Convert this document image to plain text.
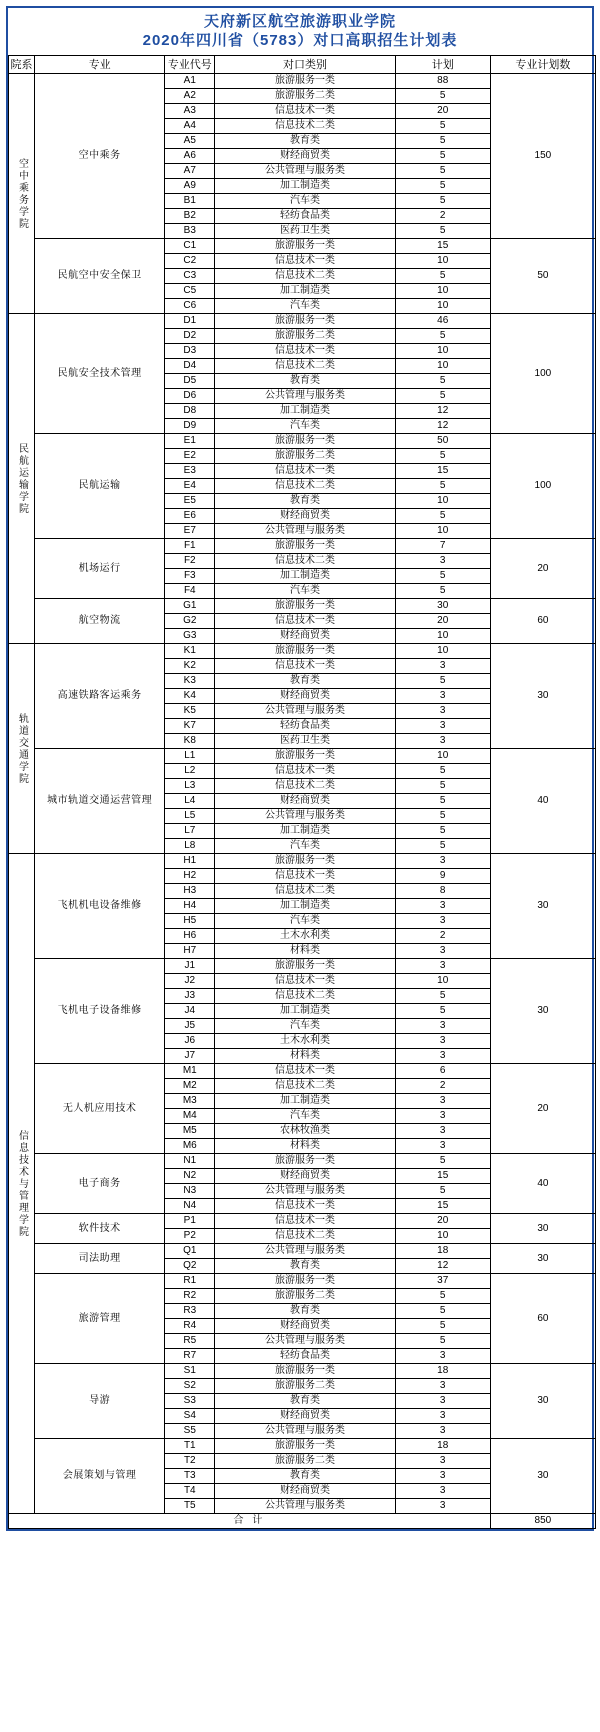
天府新区航空旅游职业学院
2020年四川省（5783）对口高职招生计划表
院系	专业	专业代号	对口类别	计划	专业计划数
空中乘务学院	空中乘务	A1	旅游服务一类	88	150
		A2	旅游服务二类	5	
		A3	信息技术一类	20	
		A4	信息技术二类	5	
		A5	教育类	5	
		A6	财经商贸类	5	
		A7	公共管理与服务类	5	
		A9	加工制造类	5	
		B1	汽车类	5	
		B2	轻纺食品类	2	
		B3	医药卫生类	5	
	民航空中安全保卫	C1	旅游服务一类	15	50
		C2	信息技术一类	10	
		C3	信息技术二类	5	
		C5	加工制造类	10	
		C6	汽车类	10	
民航运输学院	民航安全技术管理	D1	旅游服务一类	46	100
		D2	旅游服务二类	5	
		D3	信息技术一类	10	
		D4	信息技术二类	10	
		D5	教育类	5	
		D6	公共管理与服务类	5	
		D8	加工制造类	12	
		D9	汽车类	12	
	民航运输	E1	旅游服务一类	50	100
		E2	旅游服务二类	5	
		E3	信息技术一类	15	
		E4	信息技术二类	5	
		E5	教育类	10	
		E6	财经商贸类	5	
		E7	公共管理与服务类	10	
	机场运行	F1	旅游服务一类	7	20
		F2	信息技术二类	3	
		F3	加工制造类	5	
		F4	汽车类	5	
	航空物流	G1	旅游服务一类	30	60
		G2	信息技术一类	20	
		G3	财经商贸类	10	
轨道交通学院	高速铁路客运乘务	K1	旅游服务一类	10	30
		K2	信息技术一类	3	
		K3	教育类	5	
		K4	财经商贸类	3	
		K5	公共管理与服务类	3	
		K7	轻纺食品类	3	
		K8	医药卫生类	3	
	城市轨道交通运营管理	L1	旅游服务一类	10	40
		L2	信息技术一类	5	
		L3	信息技术二类	5	
		L4	财经商贸类	5	
		L5	公共管理与服务类	5	
		L7	加工制造类	5	
		L8	汽车类	5	
信息技术与管理学院	飞机机电设备维修	H1	旅游服务一类	3	30
		H2	信息技术一类	9	
		H3	信息技术二类	8	
		H4	加工制造类	3	
		H5	汽车类	3	
		H6	土木水利类	2	
		H7	材料类	3	
	飞机电子设备维修	J1	旅游服务一类	3	30
		J2	信息技术一类	10	
		J3	信息技术二类	5	
		J4	加工制造类	5	
		J5	汽车类	3	
		J6	土木水利类	3	
		J7	材料类	3	
	无人机应用技术	M1	信息技术一类	6	20
		M2	信息技术二类	2	
		M3	加工制造类	3	
		M4	汽车类	3	
		M5	农林牧渔类	3	
		M6	材料类	3	
	电子商务	N1	旅游服务一类	5	40
		N2	财经商贸类	15	
		N3	公共管理与服务类	5	
		N4	信息技术一类	15	
	软件技术	P1	信息技术一类	20	30
		P2	信息技术二类	10	
	司法助理	Q1	公共管理与服务类	18	30
		Q2	教育类	12	
	旅游管理	R1	旅游服务一类	37	60
		R2	旅游服务二类	5	
		R3	教育类	5	
		R4	财经商贸类	5	
		R5	公共管理与服务类	5	
		R7	轻纺食品类	3	
	导游	S1	旅游服务一类	18	30
		S2	旅游服务二类	3	
		S3	教育类	3	
		S4	财经商贸类	3	
		S5	公共管理与服务类	3	
	会展策划与管理	T1	旅游服务一类	18	30
		T2	旅游服务二类	3	
		T3	教育类	3	
		T4	财经商贸类	3	
		T5	公共管理与服务类	3	
合 计					850
